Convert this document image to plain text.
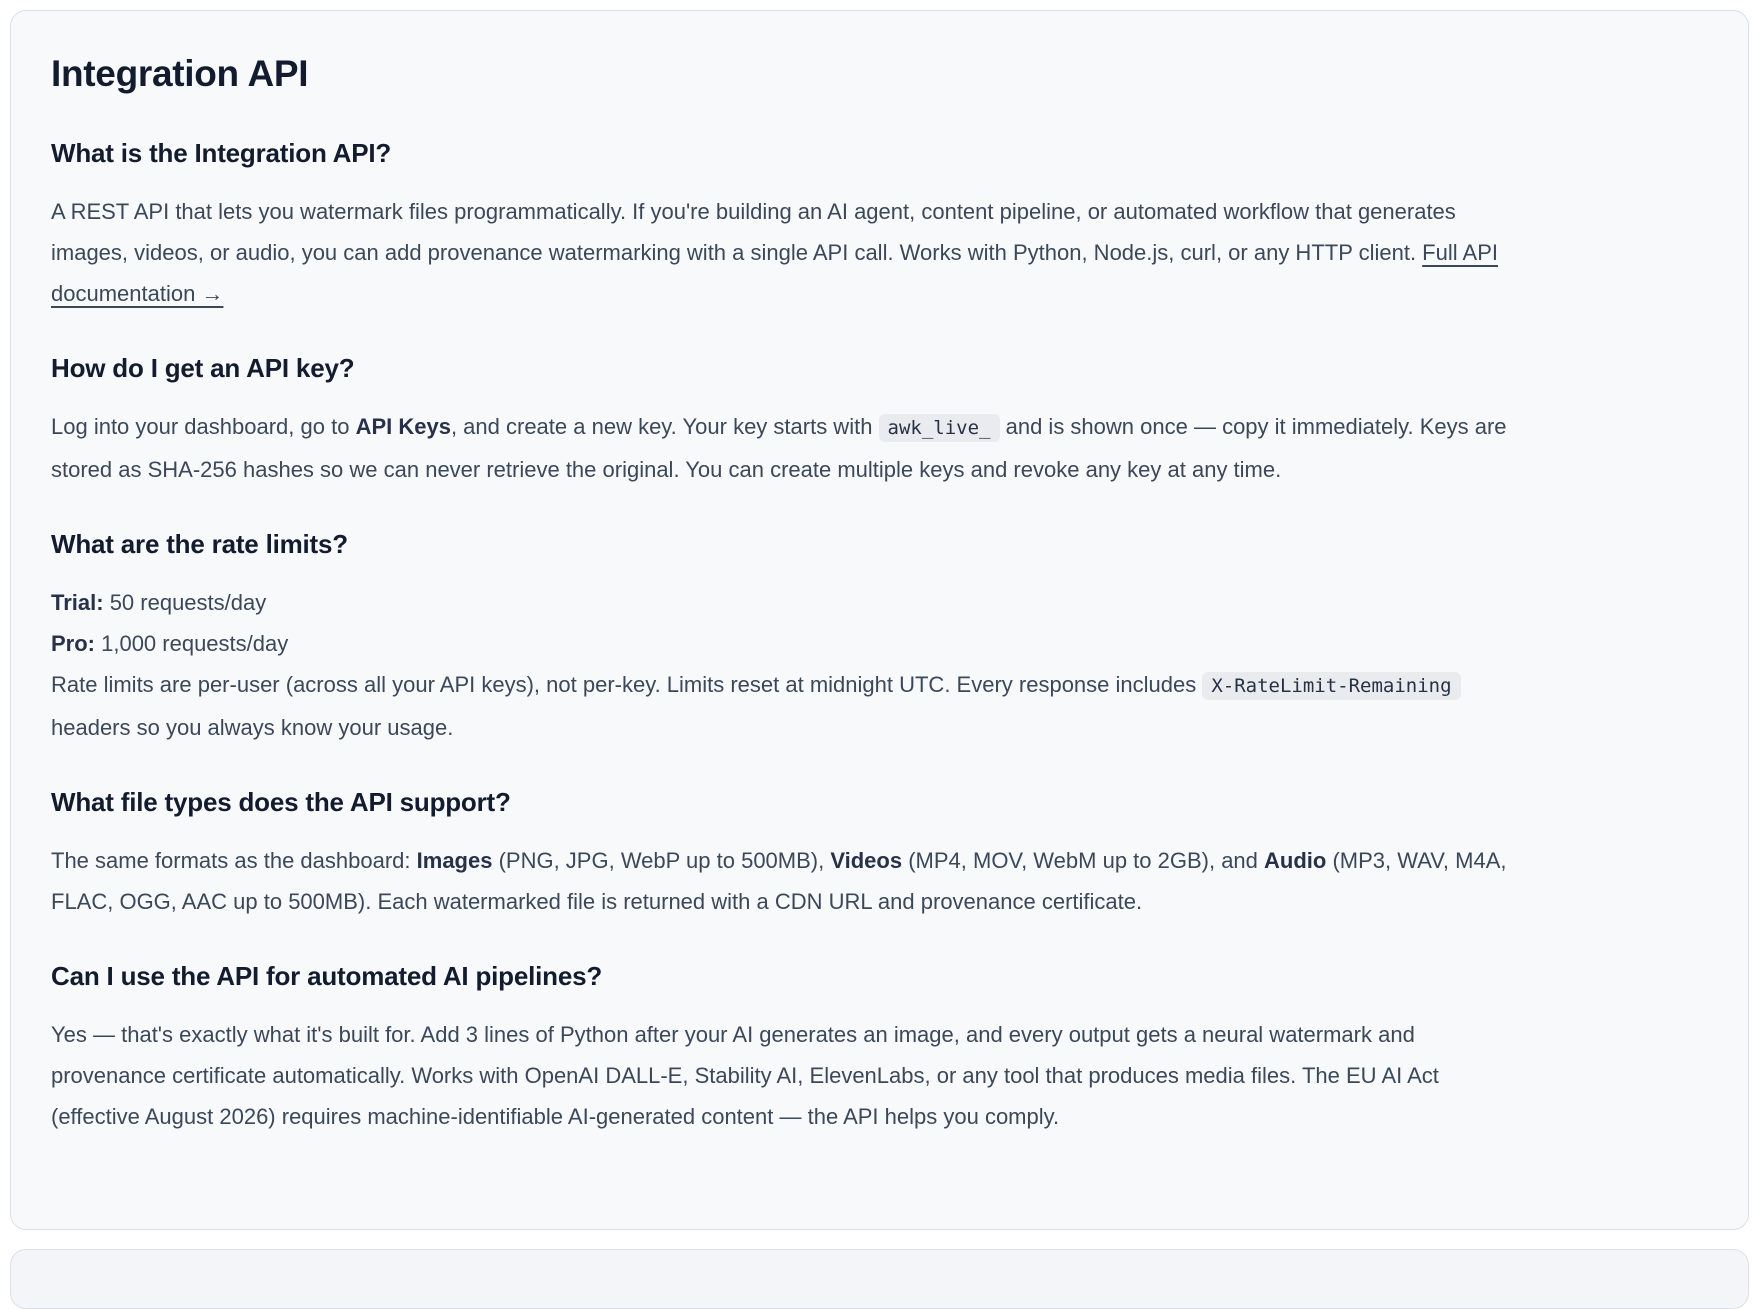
Integration API
What is the Integration API?

A REST API that lets you watermark files programmatically. If you're building an AI agent, content pipeline, or automated workflow that generates images, videos, or audio, you can add provenance watermarking with a single API call. Works with Python, Node.js, curl, or any HTTP client. Full API documentation →

How do I get an API key?

Log into your dashboard, go to API Keys, and create a new key. Your key starts with awk_live_ and is shown once — copy it immediately. Keys are stored as SHA-256 hashes so we can never retrieve the original. You can create multiple keys and revoke any key at any time.

What are the rate limits?

Trial: 50 requests/day
Pro: 1,000 requests/day
Rate limits are per-user (across all your API keys), not per-key. Limits reset at midnight UTC. Every response includes X-RateLimit-Remaining headers so you always know your usage.

What file types does the API support?

The same formats as the dashboard: Images (PNG, JPG, WebP up to 500MB), Videos (MP4, MOV, WebM up to 2GB), and Audio (MP3, WAV, M4A, FLAC, OGG, AAC up to 500MB). Each watermarked file is returned with a CDN URL and provenance certificate.

Can I use the API for automated AI pipelines?

Yes — that's exactly what it's built for. Add 3 lines of Python after your AI generates an image, and every output gets a neural watermark and provenance certificate automatically. Works with OpenAI DALL-E, Stability AI, ElevenLabs, or any tool that produces media files. The EU AI Act (effective August 2026) requires machine-identifiable AI-generated content — the API helps you comply.
